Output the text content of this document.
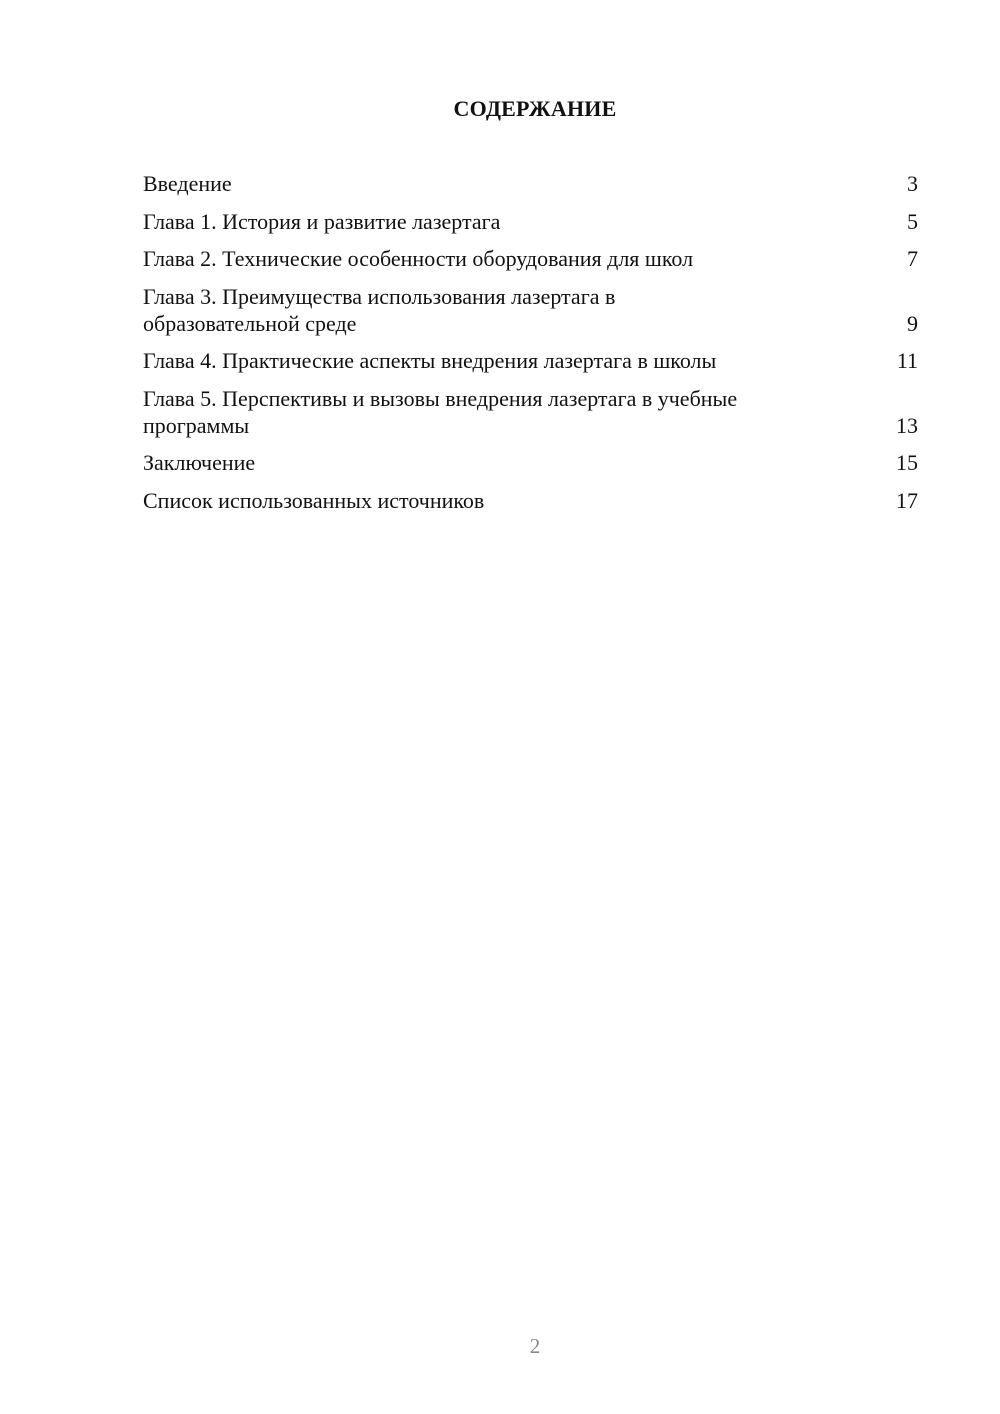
СОДЕРЖАНИЕ
Введение	3
Глава 1. История и развитие лазертага	5
Глава 2. Технические особенности оборудования для школ	7
Глава 3. Преимущества использования лазертага в
образовательной среде	9
Глава 4. Практические аспекты внедрения лазертага в школы	11
Глава 5. Перспективы и вызовы внедрения лазертага в учебные
программы	13
Заключение	15
Список использованных источников	17
2
